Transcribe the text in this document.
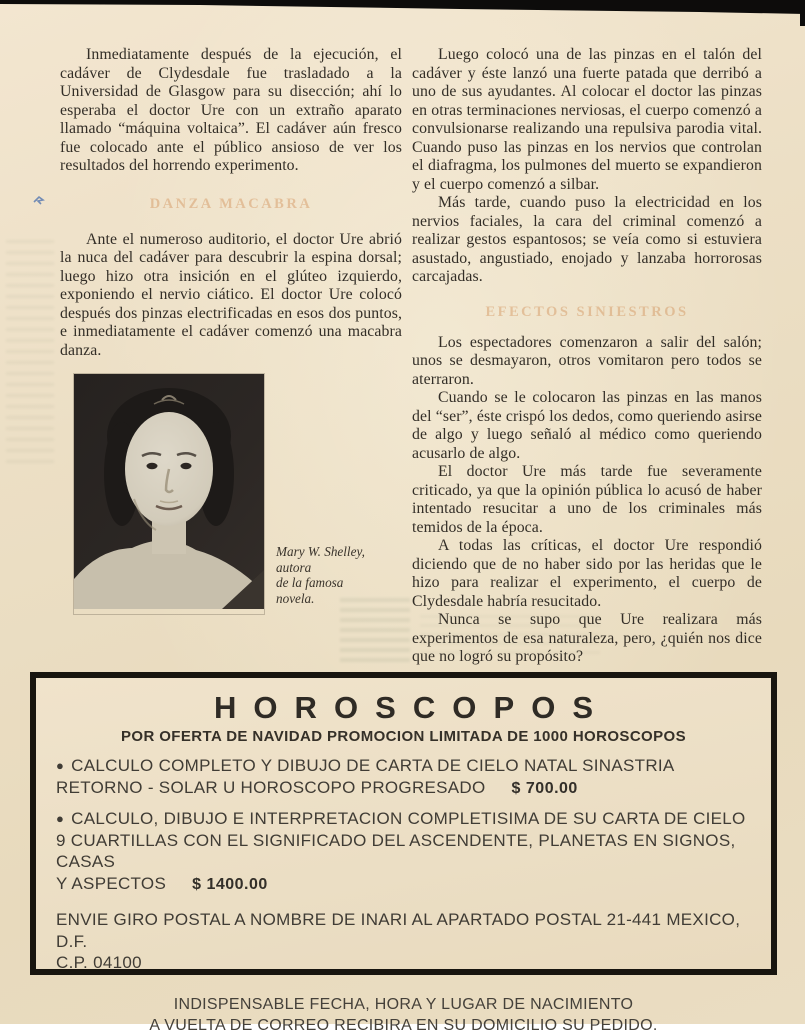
Inmediatamente después de la ejecución, el cadáver de Clydesdale fue trasladado a la Universidad de Glasgow para su disección; ahí lo esperaba el doctor Ure con un extraño aparato llamado “máquina voltaica”. El cadáver aún fresco fue colocado ante el público ansioso de ver los resultados del horrendo experimento.

DANZA MACABRA

Ante el numeroso auditorio, el doctor Ure abrió la nuca del cadáver para descubrir la espina dorsal; luego hizo otra insición en el glúteo izquierdo, exponiendo el nervio ciático. El doctor Ure colocó después dos pinzas electrificadas en esos dos puntos, e inmediatamente el cadáver comenzó una macabra danza.

Mary W. Shelley,
autora
de la famosa
novela.

Luego colocó una de las pinzas en el talón del cadáver y éste lanzó una fuerte patada que derribó a uno de sus ayudantes. Al colocar el doctor las pinzas en otras terminaciones nerviosas, el cuerpo comenzó a convulsionarse realizando una repulsiva parodia vital. Cuando puso las pinzas en los nervios que controlan el diafragma, los pulmones del muerto se expandieron y el cuerpo comenzó a silbar.

Más tarde, cuando puso la electricidad en los nervios faciales, la cara del criminal comenzó a realizar gestos espantosos; se veía como si estuviera asustado, angustiado, enojado y lanzaba horrorosas carcajadas.

EFECTOS SINIESTROS

Los espectadores comenzaron a salir del salón; unos se desmayaron, otros vomitaron pero todos se aterraron.

Cuando se le colocaron las pinzas en las manos del “ser”, éste crispó los dedos, como queriendo asirse de algo y luego señaló al médico como queriendo acusarlo de algo.

El doctor Ure más tarde fue severamente criticado, ya que la opinión pública lo acusó de haber intentado resucitar a uno de los criminales más temidos de la época.

A todas las críticas, el doctor Ure respondió diciendo que de no haber sido por las heridas que le hizo para realizar el experimento, el cuerpo de Clydesdale habría resucitado.

Nunca se supo que Ure realizara más experimentos de esa naturaleza, pero, ¿quién nos dice que no logró su propósito?

HOROSCOPOS
POR OFERTA DE NAVIDAD PROMOCION LIMITADA DE 1000 HOROSCOPOS
● CALCULO COMPLETO Y DIBUJO DE CARTA DE CIELO NATAL SINASTRIA
RETORNO - SOLAR U HOROSCOPO PROGRESADO $ 700.00
● CALCULO, DIBUJO E INTERPRETACION COMPLETISIMA DE SU CARTA DE CIELO
9 CUARTILLAS CON EL SIGNIFICADO DEL ASCENDENTE, PLANETAS EN SIGNOS, CASAS
Y ASPECTOS $ 1400.00
ENVIE GIRO POSTAL A NOMBRE DE INARI AL APARTADO POSTAL 21-441 MEXICO, D.F.
C.P. 04100
INDISPENSABLE FECHA, HORA Y LUGAR DE NACIMIENTO
A VUELTA DE CORREO RECIBIRA EN SU DOMICILIO SU PEDIDO.
